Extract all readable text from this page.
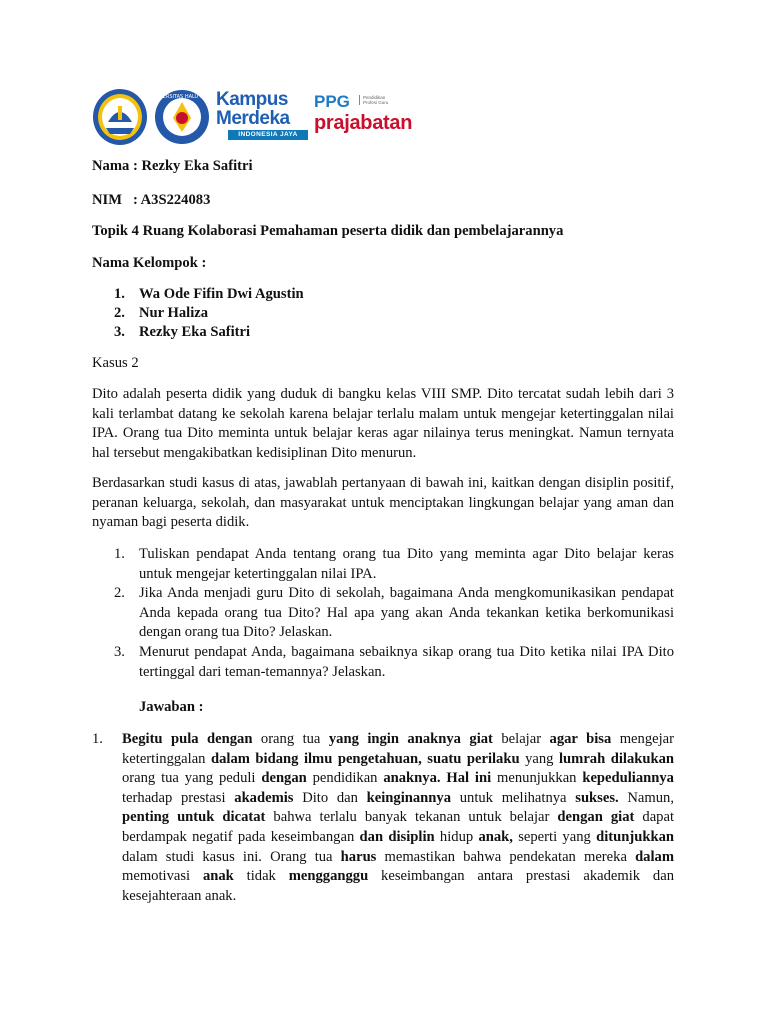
UNIVERSITAS HALU OLEO Kampus
Merdeka
INDONESIA JAYA
PPG	Pendidikan Profesi Guru
prajabatan
Nama : Rezky Eka Safitri
NIM   : A3S224083
Topik 4 Ruang Kolaborasi Pemahaman peserta didik dan pembelajarannya
Nama Kelompok :
1. Wa Ode Fifin Dwi Agustin
2. Nur Haliza
3. Rezky Eka Safitri
Kasus 2
Dito adalah peserta didik yang duduk di bangku kelas VIII SMP. Dito tercatat sudah lebih dari 3 kali terlambat datang ke sekolah karena belajar terlalu malam untuk mengejar ketertinggalan nilai IPA. Orang tua Dito meminta untuk belajar keras agar nilainya terus meningkat. Namun ternyata hal tersebut mengakibatkan kedisiplinan Dito menurun.
Berdasarkan studi kasus di atas, jawablah pertanyaan di bawah ini, kaitkan dengan disiplin positif, peranan keluarga, sekolah, dan masyarakat untuk menciptakan lingkungan belajar yang aman dan nyaman bagi peserta didik.
1. Tuliskan pendapat Anda tentang orang tua Dito yang meminta agar Dito belajar keras untuk mengejar ketertinggalan nilai IPA.
2. Jika Anda menjadi guru Dito di sekolah, bagaimana Anda mengkomunikasikan pendapat Anda kepada orang tua Dito? Hal apa yang akan Anda tekankan ketika berkomunikasi dengan orang tua Dito? Jelaskan.
3. Menurut pendapat Anda, bagaimana sebaiknya sikap orang tua Dito ketika nilai IPA Dito tertinggal dari teman-temannya? Jelaskan.
Jawaban :
1. Begitu pula dengan orang tua yang ingin anaknya giat belajar agar bisa mengejar ketertinggalan dalam bidang ilmu pengetahuan, suatu perilaku yang lumrah dilakukan orang tua yang peduli dengan pendidikan anaknya. Hal ini menunjukkan kepeduliannya terhadap prestasi akademis Dito dan keinginannya untuk melihatnya sukses. Namun, penting untuk dicatat bahwa terlalu banyak tekanan untuk belajar dengan giat dapat berdampak negatif pada keseimbangan dan disiplin hidup anak, seperti yang ditunjukkan dalam studi kasus ini. Orang tua harus memastikan bahwa pendekatan mereka dalam memotivasi anak tidak mengganggu keseimbangan antara prestasi akademik dan kesejahteraan anak.
